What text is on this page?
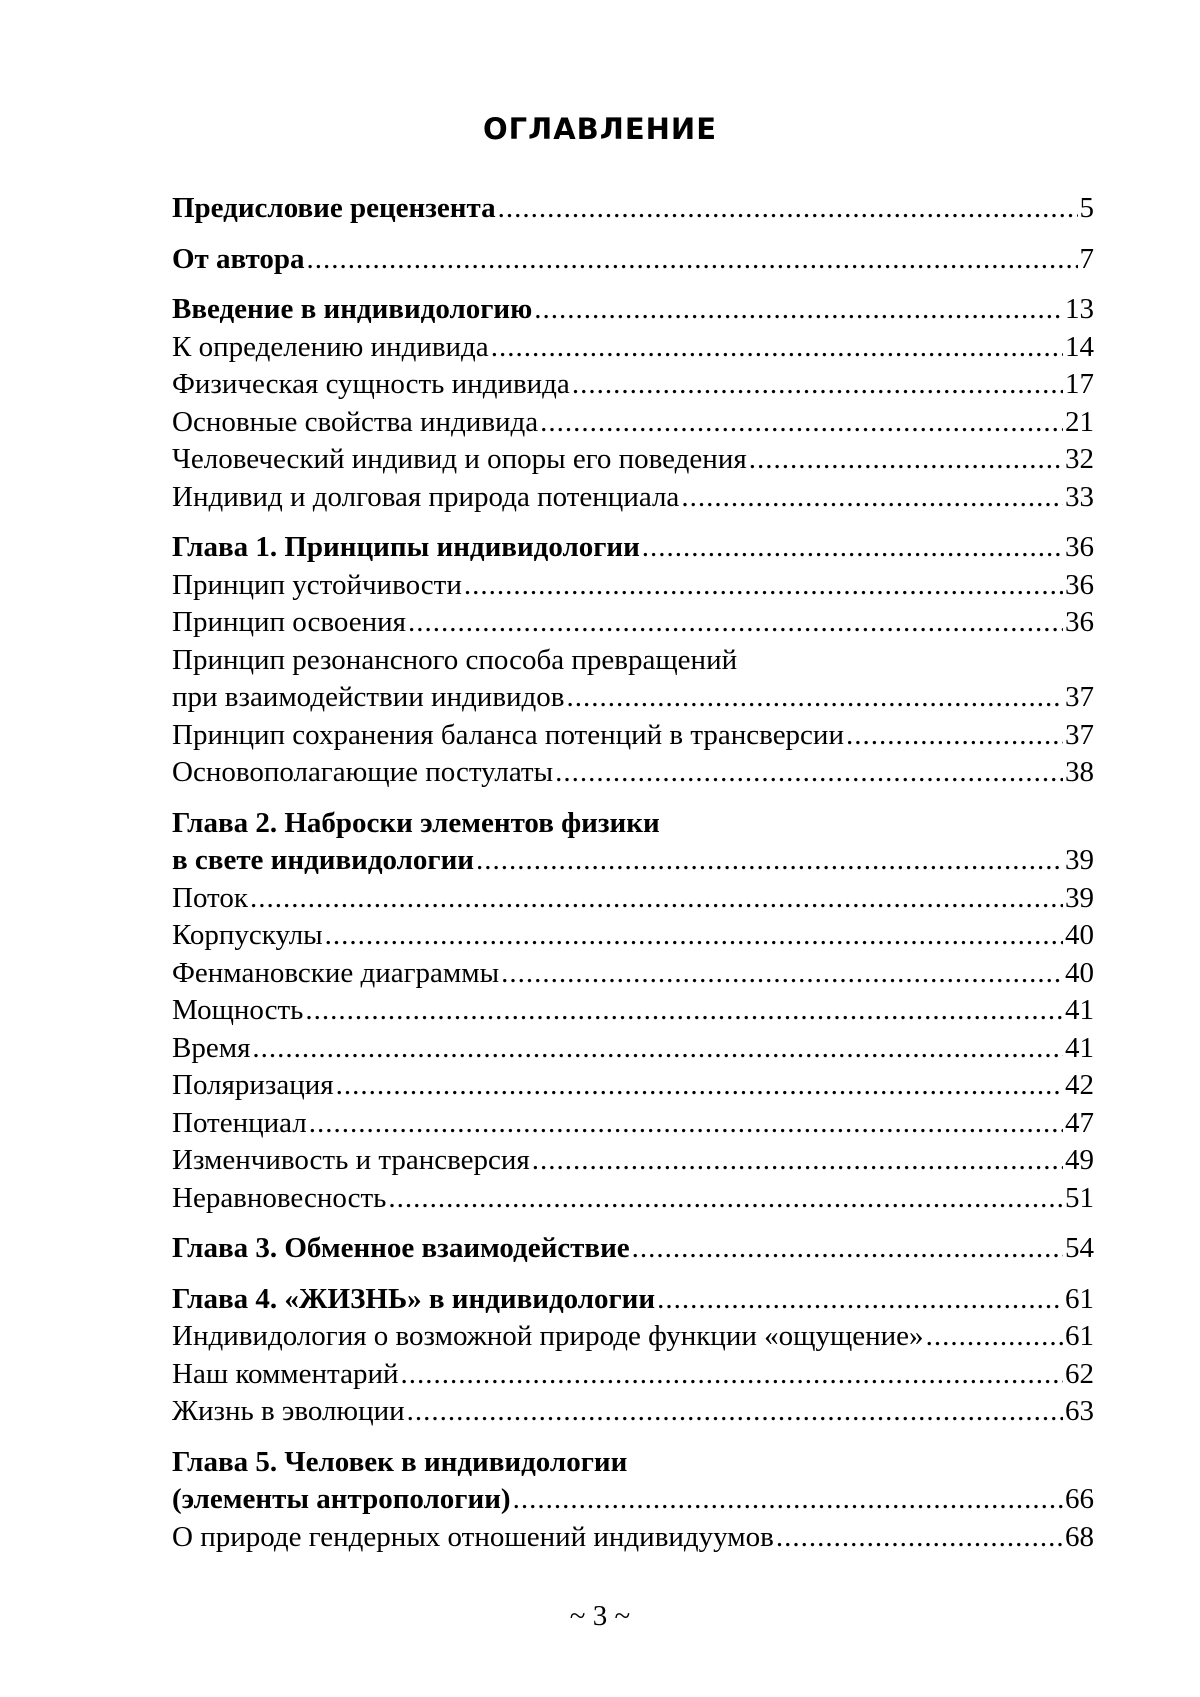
ОГЛАВЛЕНИЕ
Предисловие рецензента .....	5
От автора .....	7
Введение в индивидологию .....	13
К определению индивида .....	14
Физическая сущность индивида .....	17
Основные свойства индивида .....	21
Человеческий индивид и опоры его поведения .....	32
Индивид и долговая природа потенциала .....	33
Глава 1. Принципы индивидологии .....	36
Принцип устойчивости .....	36
Принцип освоения .....	36
Принцип резонансного способа превращений
при взаимодействии индивидов .....	37
Принцип сохранения баланса потенций в трансверсии .....	37
Основополагающие постулаты .....	38
Глава 2. Наброски элементов физики
в свете индивидологии .....	39
Поток .....	39
Корпускулы .....	40
Фенмановские диаграммы .....	40
Мощность .....	41
Время .....	41
Поляризация .....	42
Потенциал .....	47
Изменчивость и трансверсия .....	49
Неравновесность .....	51
Глава 3. Обменное взаимодействие .....	54
Глава 4. «ЖИЗНЬ» в индивидологии .....	61
Индивидология о возможной природе функции «ощущение» .....	61
Наш комментарий .....	62
Жизнь в эволюции .....	63
Глава 5. Человек в индивидологии
(элементы антропологии) .....	66
О природе гендерных отношений индивидуумов .....	68
~ 3 ~
